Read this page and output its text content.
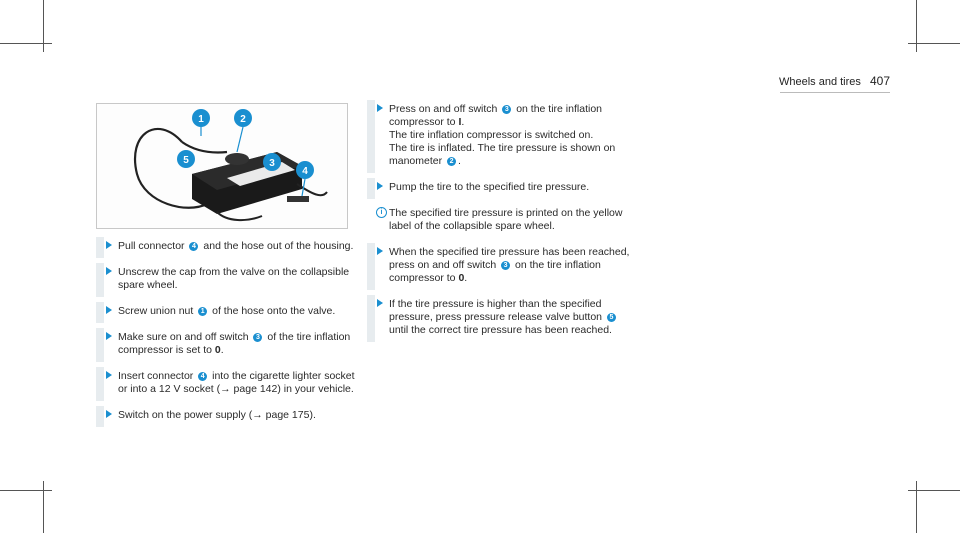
Wheels and tires 407
1	2
3
4
5
Pull connector 4 and the hose out of the housing.
Unscrew the cap from the valve on the collapsible spare wheel.
Screw union nut 1 of the hose onto the valve.
Make sure on and off switch 3 of the tire inflation compressor is set to 0.
Insert connector 4 into the cigarette lighter socket or into a 12 V socket (→ page 142) in your vehicle.
Switch on the power supply (→ page 175).
Press on and off switch 3 on the tire inflation compressor to I.
The tire inflation compressor is switched on.
The tire is inflated. The tire pressure is shown on manometer 2 .
Pump the tire to the specified tire pressure.
i The specified tire pressure is printed on the yellow label of the collapsible spare wheel.
When the specified tire pressure has been reached, press on and off switch 3 on the tire inflation compressor to 0.
If the tire pressure is higher than the specified pressure, press pressure release valve button 5 until the correct tire pressure has been reached.
